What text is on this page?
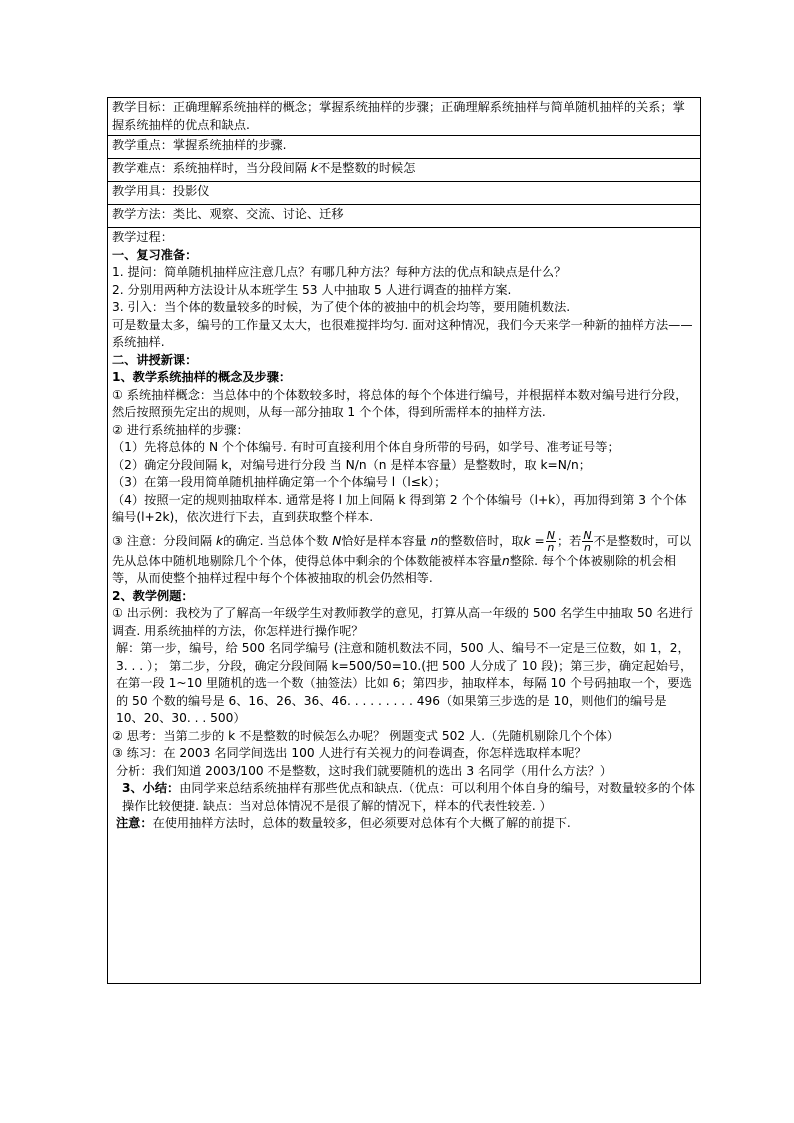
教学目标：正确理解系统抽样的概念；掌握系统抽样的步骤；正确理解系统抽样与简单随机抽样的关系；掌握系统抽样的优点和缺点.
教学重点：掌握系统抽样的步骤.
教学难点：系统抽样时，当分段间隔 k不是整数的时候怎
教学用具：投影仪
教学方法：类比、观察、交流、讨论、迁移

教学过程：
一、复习准备：
1. 提问：简单随机抽样应注意几点？有哪几种方法？每种方法的优点和缺点是什么？
2. 分别用两种方法设计从本班学生 53 人中抽取 5 人进行调查的抽样方案.
3. 引入：当个体的数量较多的时候，为了使个体的被抽中的机会均等，要用随机数法.
可是数量太多，编号的工作量又太大，也很难搅拌均匀. 面对这种情况，我们今天来学一种新的抽样方法——系统抽样.
二、讲授新课：
1、教学系统抽样的概念及步骤：
① 系统抽样概念：当总体中的个体数较多时，将总体的每个个体进行编号，并根据样本数对编号进行分段，然后按照预先定出的规则，从每一部分抽取 1 个个体，得到所需样本的抽样方法.
② 进行系统抽样的步骤：
（1）先将总体的 N 个个体编号. 有时可直接利用个体自身所带的号码，如学号、准考证号等；
（2）确定分段间隔 k，对编号进行分段 当 N/n（n 是样本容量）是整数时，取 k=N/n；
（3）在第一段用简单随机抽样确定第一个个体编号 l（l≤k）；
（4）按照一定的规则抽取样本. 通常是将 l 加上间隔 k 得到第 2 个个体编号（l+k），再加得到第 3 个个体编号(l+2k)，依次进行下去，直到获取整个样本.
③ 注意：分段间隔 k的确定. 当总体个数 N恰好是样本容量 n的整数倍时，取$k = \frac{N}{n}$ ；若 $\frac{N}{n}$ 不是整数时，可以先从总体中随机地剔除几个个体，使得总体中剩余的个体数能被样本容量n整除. 每个个体被剔除的机会相等，从而使整个抽样过程中每个个体被抽取的机会仍然相等.
2、教学例题：
① 出示例：我校为了了解高一年级学生对教师教学的意见，打算从高一年级的 500 名学生中抽取 50 名进行调查. 用系统抽样的方法，你怎样进行操作呢？
解：第一步，编号，给 500 名同学编号 (注意和随机数法不同，500 人、编号不一定是三位数，如 1，2，3. . . ）； 第二步，分段，确定分段间隔 k=500/50=10.(把 500 人分成了 10 段)；第三步，确定起始号，在第一段 1~10 里随机的选一个数（抽签法）比如 6；第四步，抽取样本，每隔 10 个号码抽取一个，要选的 50 个数的编号是 6、16、26、36、46. . . . . . . . . 496（如果第三步选的是 10，则他们的编号是 10、20、30. . . 500）
② 思考：当第二步的 k 不是整数的时候怎么办呢？ 例题变式 502 人.（先随机剔除几个个体）
③ 练习：在 2003 名同学间选出 100 人进行有关视力的问卷调查，你怎样选取样本呢？
分析：我们知道 2003/100 不是整数，这时我们就要随机的选出 3 名同学（用什么方法？）
3、小结：由同学来总结系统抽样有那些优点和缺点.（优点：可以利用个体自身的编号，对数量较多的个体操作比较便捷. 缺点：当对总体情况不是很了解的情况下，样本的代表性较差. ）
注意：在使用抽样方法时，总体的数量较多，但必须要对总体有个大概了解的前提下.
